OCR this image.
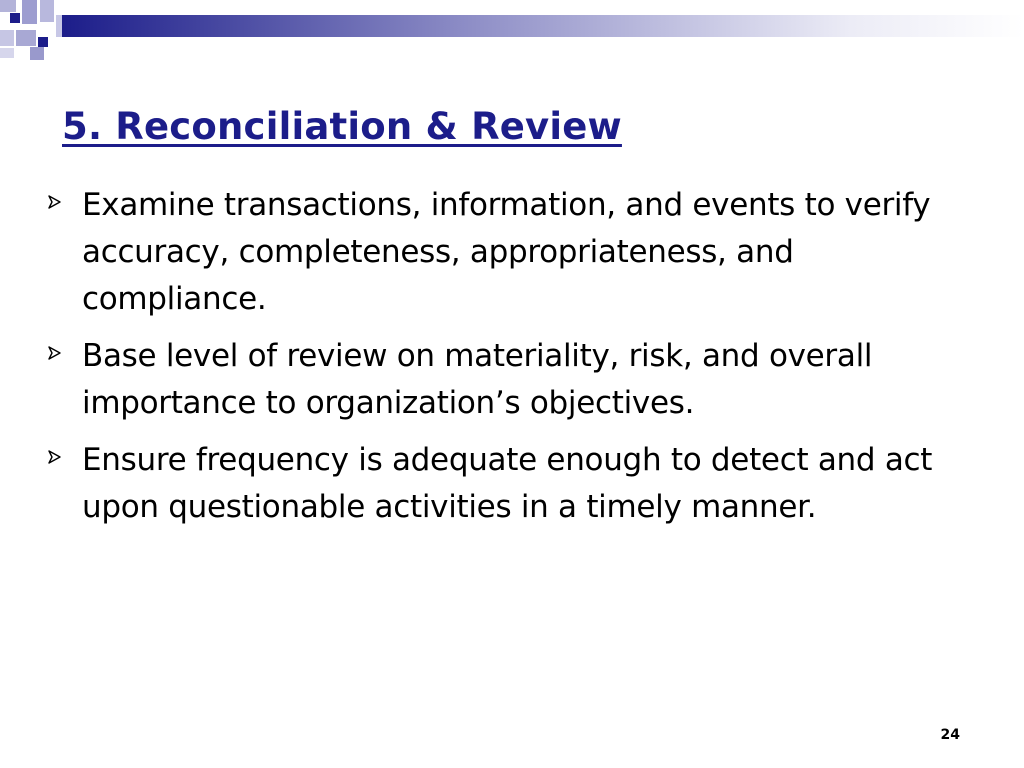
5. Reconciliation & Review
Examine transactions, information, and events to verify accuracy, completeness, appropriateness, and compliance.
Base level of review on materiality, risk, and overall importance to organization’s objectives.
Ensure frequency is adequate enough to detect and act upon questionable activities in a timely manner.
24
